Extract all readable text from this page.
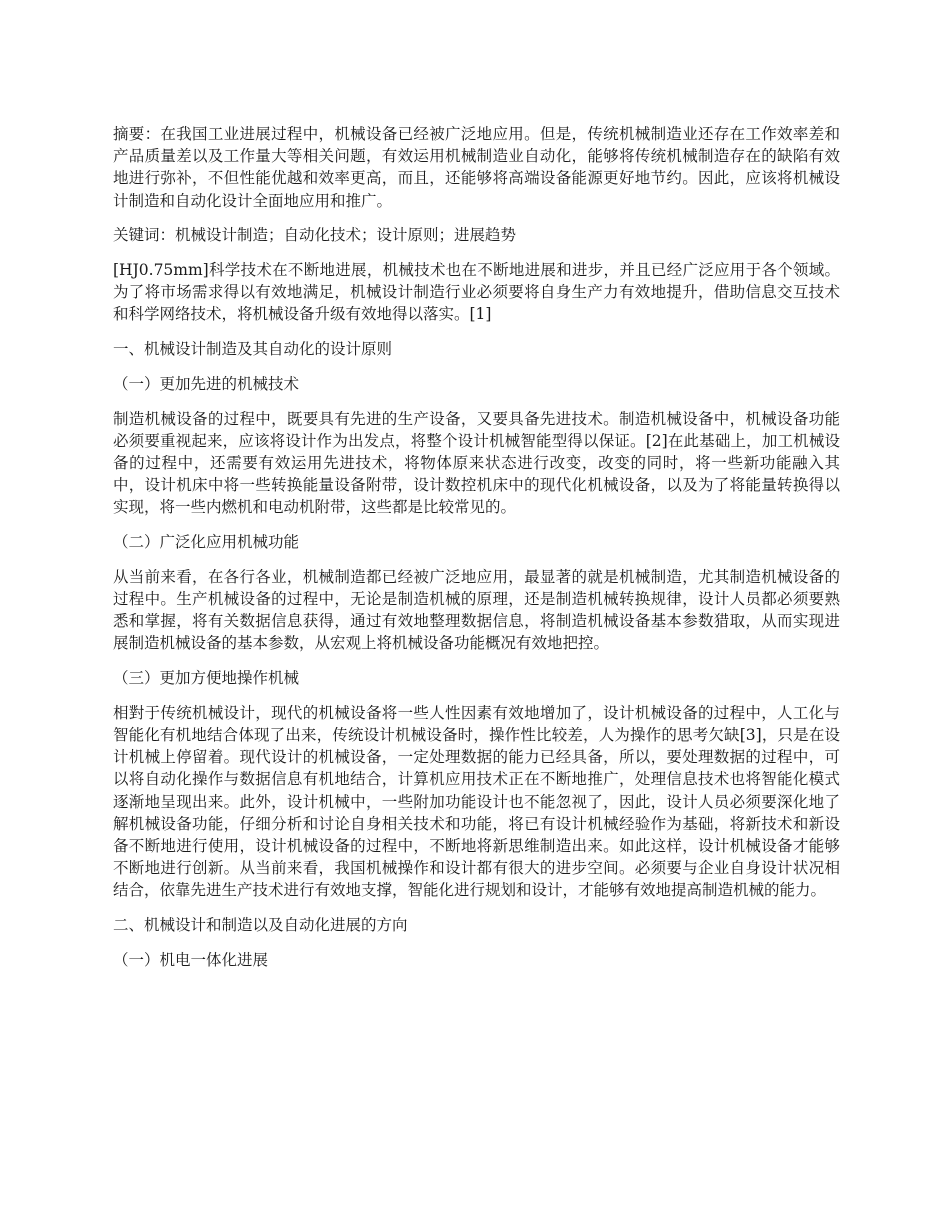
摘要：在我国工业进展过程中，机械设备已经被广泛地应用。但是，传统机械制造业还存在工作效率差和产品质量差以及工作量大等相关问题，有效运用机械制造业自动化，能够将传统机械制造存在的缺陷有效地进行弥补，不但性能优越和效率更高，而且，还能够将高端设备能源更好地节约。因此，应该将机械设计制造和自动化设计全面地应用和推广。

关键词：机械设计制造；自动化技术；设计原则；进展趋势

[HJ0.75mm]科学技术在不断地进展，机械技术也在不断地进展和进步，并且已经广泛应用于各个领域。为了将市场需求得以有效地满足，机械设计制造行业必须要将自身生产力有效地提升，借助信息交互技术和科学网络技术，将机械设备升级有效地得以落实。[1]

一、机械设计制造及其自动化的设计原则

（一）更加先进的机械技术

制造机械设备的过程中，既要具有先进的生产设备，又要具备先进技术。制造机械设备中，机械设备功能必须要重视起来，应该将设计作为出发点，将整个设计机械智能型得以保证。[2]在此基础上，加工机械设备的过程中，还需要有效运用先进技术，将物体原来状态进行改变，改变的同时，将一些新功能融入其中，设计机床中将一些转换能量设备附带，设计数控机床中的现代化机械设备，以及为了将能量转换得以实现，将一些内燃机和电动机附带，这些都是比较常见的。

（二）广泛化应用机械功能

从当前来看，在各行各业，机械制造都已经被广泛地应用，最显著的就是机械制造，尤其制造机械设备的过程中。生产机械设备的过程中，无论是制造机械的原理，还是制造机械转换规律，设计人员都必须要熟悉和掌握，将有关数据信息获得，通过有效地整理数据信息，将制造机械设备基本参数猎取，从而实现进展制造机械设备的基本参数，从宏观上将机械设备功能概况有效地把控。

（三）更加方便地操作机械

相對于传统机械设计，现代的机械设备将一些人性因素有效地增加了，设计机械设备的过程中，人工化与智能化有机地结合体现了出来，传统设计机械设备时，操作性比较差，人为操作的思考欠缺[3]，只是在设计机械上停留着。现代设计的机械设备，一定处理数据的能力已经具备，所以，要处理数据的过程中，可以将自动化操作与数据信息有机地结合，计算机应用技术正在不断地推广，处理信息技术也将智能化模式逐渐地呈现出来。此外，设计机械中，一些附加功能设计也不能忽视了，因此，设计人员必须要深化地了解机械设备功能，仔细分析和讨论自身相关技术和功能，将已有设计机械经验作为基础，将新技术和新设备不断地进行使用，设计机械设备的过程中，不断地将新思维制造出来。如此这样，设计机械设备才能够不断地进行创新。从当前来看，我国机械操作和设计都有很大的进步空间。必须要与企业自身设计状况相结合，依靠先进生产技术进行有效地支撑，智能化进行规划和设计，才能够有效地提高制造机械的能力。

二、机械设计和制造以及自动化进展的方向

（一）机电一体化进展
